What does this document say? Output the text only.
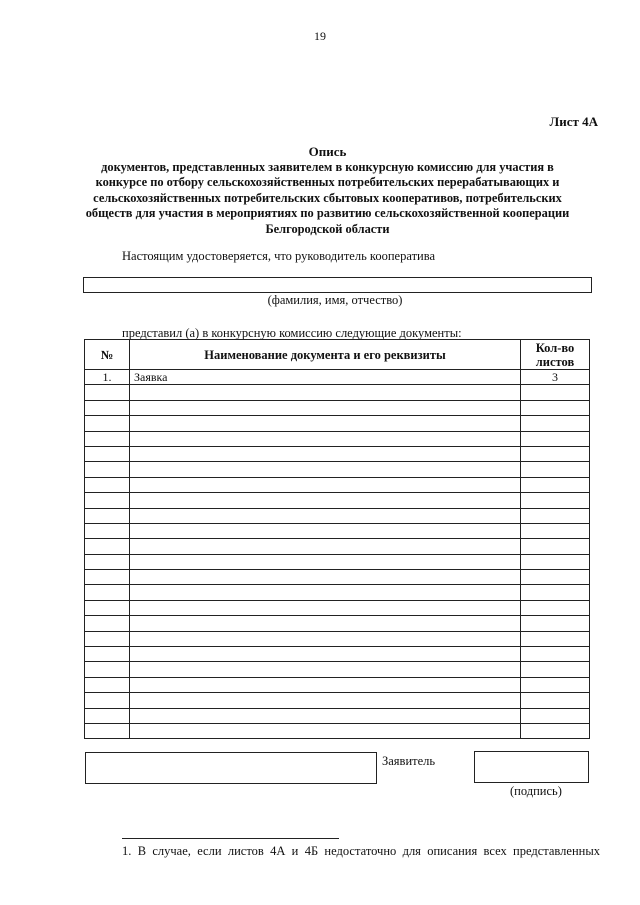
19
Лист 4А
Опись
документов, представленных заявителем в конкурсную комиссию для участия в
конкурсе по отбору сельскохозяйственных потребительских перерабатывающих и
сельскохозяйственных потребительских сбытовых кооперативов, потребительских
обществ для участия в мероприятиях по развитию сельскохозяйственной кооперации
Белгородской области
Настоящим удостоверяется, что руководитель кооператива
(фамилия, имя, отчество)
представил (а) в конкурсную комиссию следующие документы:
№	Наименование документа и его реквизиты	Кол-во листов
1.	Заявка	3

Заявитель
(подпись)
1. В случае, если листов 4А и 4Б недостаточно для описания всех представленных
